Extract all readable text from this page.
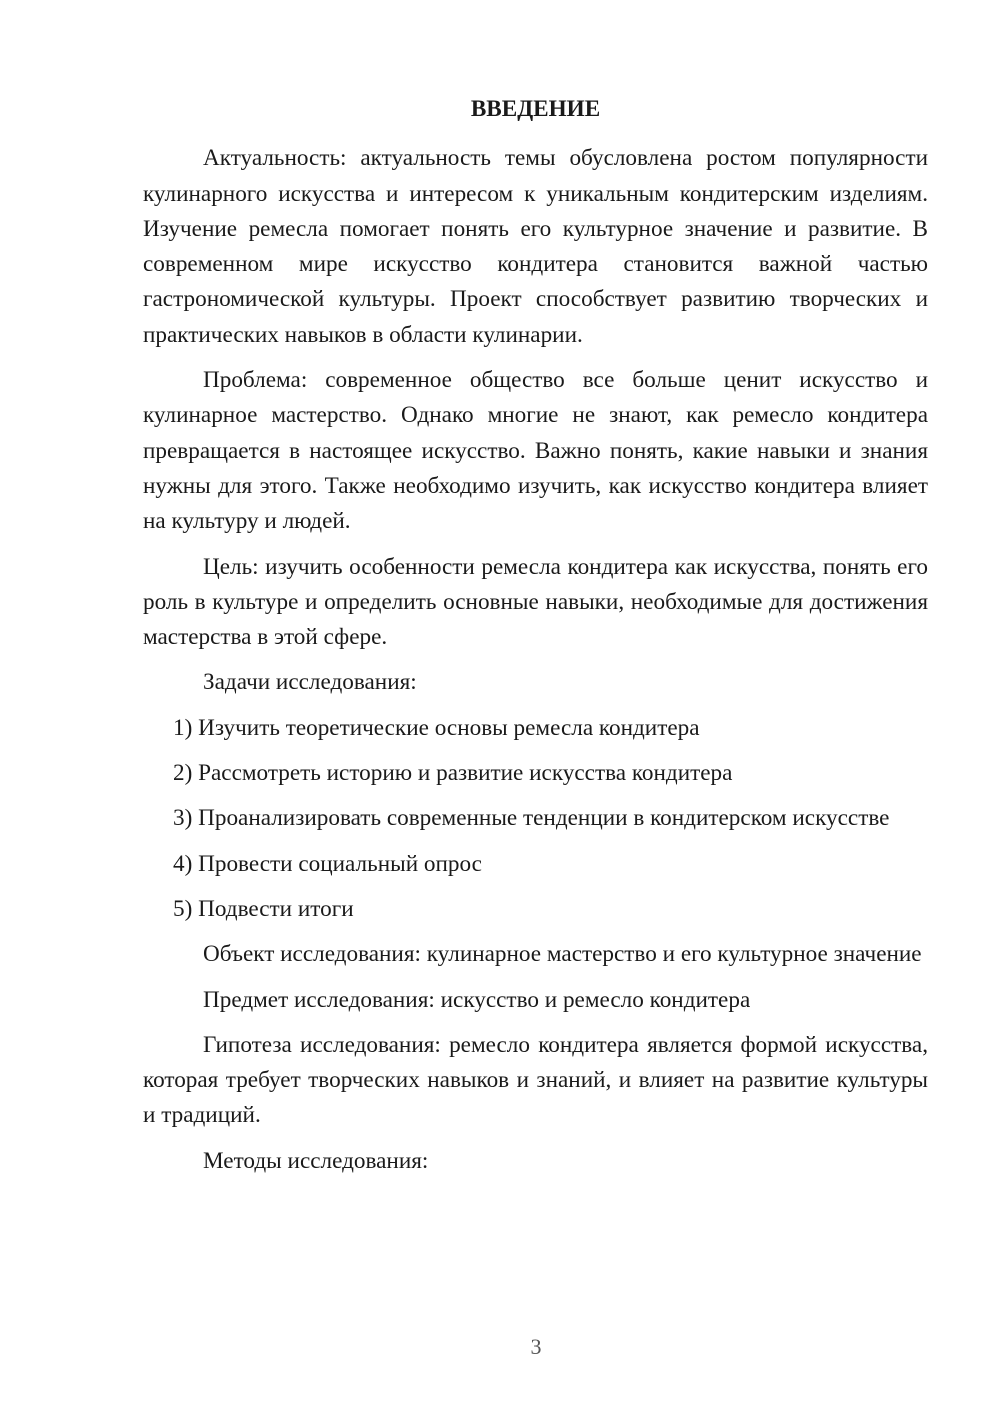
ВВЕДЕНИЕ

Актуальность: актуальность темы обусловлена ростом популярности кулинарного искусства и интересом к уникальным кондитерским изделиям. Изучение ремесла помогает понять его культурное значение и развитие. В современном мире искусство кондитера становится важной частью гастрономической культуры. Проект способствует развитию творческих и практических навыков в области кулинарии.

Проблема: современное общество все больше ценит искусство и кулинарное мастерство. Однако многие не знают, как ремесло кондитера превращается в настоящее искусство. Важно понять, какие навыки и знания нужны для этого. Также необходимо изучить, как искусство кондитера влияет на культуру и людей.

Цель: изучить особенности ремесла кондитера как искусства, понять его роль в культуре и определить основные навыки, необходимые для достижения мастерства в этой сфере.

Задачи исследования:

1) Изучить теоретические основы ремесла кондитера

2) Рассмотреть историю и развитие искусства кондитера

3) Проанализировать современные тенденции в кондитерском искусстве

4) Провести социальный опрос

5) Подвести итоги

Объект исследования: кулинарное мастерство и его культурное значение

Предмет исследования: искусство и ремесло кондитера

Гипотеза исследования: ремесло кондитера является формой искусства, которая требует творческих навыков и знаний, и влияет на развитие культуры и традиций.

Методы исследования:

3
